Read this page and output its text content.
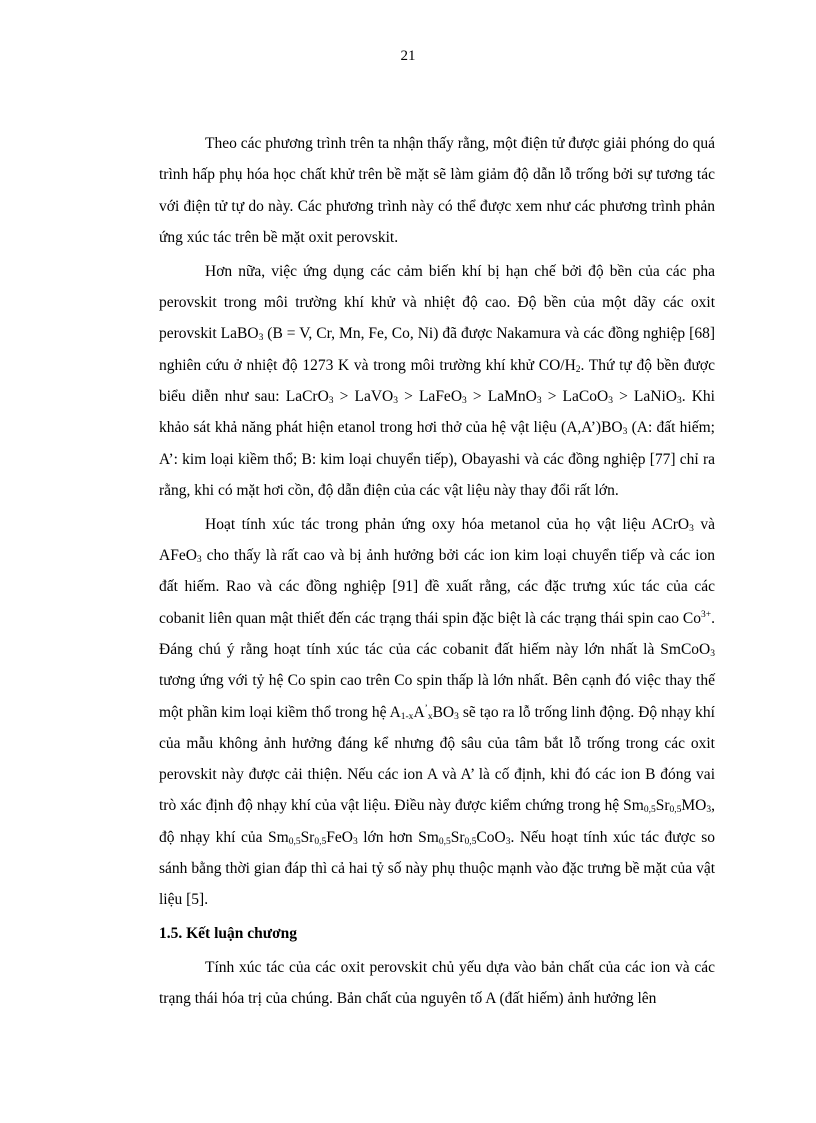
21

Theo các phương trình trên ta nhận thấy rằng, một điện tử được giải phóng do quá trình hấp phụ hóa học chất khử trên bề mặt sẽ làm giảm độ dẫn lỗ trống bởi sự tương tác với điện tử tự do này. Các phương trình này có thể được xem như các phương trình phản ứng xúc tác trên bề mặt oxit perovskit.

Hơn nữa, việc ứng dụng các cảm biến khí bị hạn chế bởi độ bền của các pha perovskit trong môi trường khí khử và nhiệt độ cao. Độ bền của một dãy các oxit perovskit LaBO$_3$ (B = V, Cr, Mn, Fe, Co, Ni) đã được Nakamura và các đồng nghiệp [68] nghiên cứu ở nhiệt độ 1273 K và trong môi trường khí khử $CO/H_2$. Thứ tự độ bền được biểu diễn như sau: LaCrO$_3$ > LaVO$_3$ > LaFeO$_3$ > LaMnO$_3$ > LaCoO$_3$ > LaNiO$_3$. Khi khảo sát khả năng phát hiện etanol trong hơi thở của hệ vật liệu $(A,A’)BO_3$ (A: đất hiếm; A’: kim loại kiềm thổ; B: kim loại chuyển tiếp), Obayashi và các đồng nghiệp [77] chỉ ra rằng, khi có mặt hơi cồn, độ dẫn điện của các vật liệu này thay đổi rất lớn.

Hoạt tính xúc tác trong phản ứng oxy hóa metanol của họ vật liệu ACrO$_3$ và AFeO$_3$ cho thấy là rất cao và bị ảnh hưởng bởi các ion kim loại chuyển tiếp và các ion đất hiếm. Rao và các đồng nghiệp [91] đề xuất rằng, các đặc trưng xúc tác của các cobanit liên quan mật thiết đến các trạng thái spin đặc biệt là các trạng thái spin cao $Co^{3+}$. Đáng chú ý rằng hoạt tính xúc tác của các cobanit đất hiếm này lớn nhất là SmCoO$_3$ tương ứng với tỷ hệ Co spin cao trên Co spin thấp là lớn nhất. Bên cạnh đó việc thay thế một phần kim loại kiềm thổ trong hệ $A_{1-x}A^’_xBO_3$ sẽ tạo ra lỗ trống linh động. Độ nhạy khí của mẫu không ảnh hưởng đáng kể nhưng độ sâu của tâm bắt lỗ trống trong các oxit perovskit này được cải thiện. Nếu các ion A và A’ là cố định, khi đó các ion B đóng vai trò xác định độ nhạy khí của vật liệu. Điều này được kiểm chứng trong hệ $Sm_{0,5}Sr_{0,5}MO_3$, độ nhạy khí của $Sm_{0,5}Sr_{0,5}FeO_3$ lớn hơn $Sm_{0,5}Sr_{0,5}CoO_3$. Nếu hoạt tính xúc tác được so sánh bằng thời gian đáp thì cả hai tỷ số này phụ thuộc mạnh vào đặc trưng bề mặt của vật liệu [5].

1.5. Kết luận chương

Tính xúc tác của các oxit perovskit chủ yếu dựa vào bản chất của các ion và các trạng thái hóa trị của chúng. Bản chất của nguyên tố A (đất hiếm) ảnh hưởng lên
